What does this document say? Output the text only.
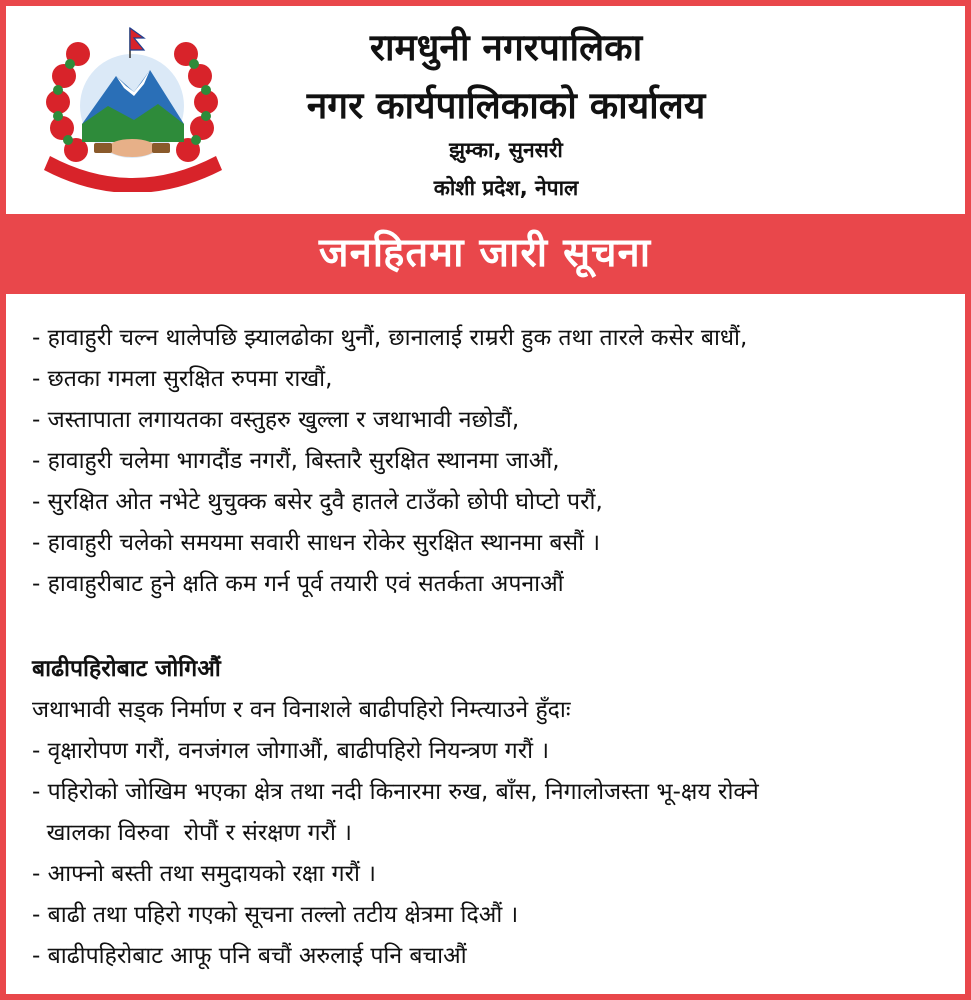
रामधुनी नगरपालिका
नगर कार्यपालिकाको कार्यालय
झुम्का, सुनसरी
कोशी प्रदेश, नेपाल
जनहितमा जारी सूचना
- हावाहुरी चल्न थालेपछि झ्यालढोका थुनौं, छानालाई राम्ररी हुक तथा तारले कसेर बाधौं,
- छतका गमला सुरक्षित रुपमा राखौं,
- जस्तापाता लगायतका वस्तुहरु खुल्ला र जथाभावी नछोडौं,
- हावाहुरी चलेमा भागदौंड नगरौं, बिस्तारै सुरक्षित स्थानमा जाऔं,
- सुरक्षित ओत नभेटे थुचुक्क बसेर दुवै हातले टाउँको छोपी घोप्टो परौं,
- हावाहुरी चलेको समयमा सवारी साधन रोकेर सुरक्षित स्थानमा बसौं ।
- हावाहुरीबाट हुने क्षति कम गर्न पूर्व तयारी एवं सतर्कता अपनाऔं
बाढीपहिरोबाट जोगिऔं
जथाभावी सड्क निर्माण र वन विनाशले बाढीपहिरो निम्त्याउने हुँदाः
- वृक्षारोपण गरौं, वनजंगल जोगाऔं, बाढीपहिरो नियन्त्रण गरौं ।
- पहिरोको जोखिम भएका क्षेत्र तथा नदी किनारमा रुख, बाँस, निगालोजस्ता भू-क्षय रोक्ने
खालका विरुवा  रोपौं र संरक्षण गरौं ।
- आफ्नो बस्ती तथा समुदायको रक्षा गरौं ।
- बाढी तथा पहिरो गएको सूचना तल्लो तटीय क्षेत्रमा दिऔं ।
- बाढीपहिरोबाट आफू पनि बचौं अरुलाई पनि बचाऔं
